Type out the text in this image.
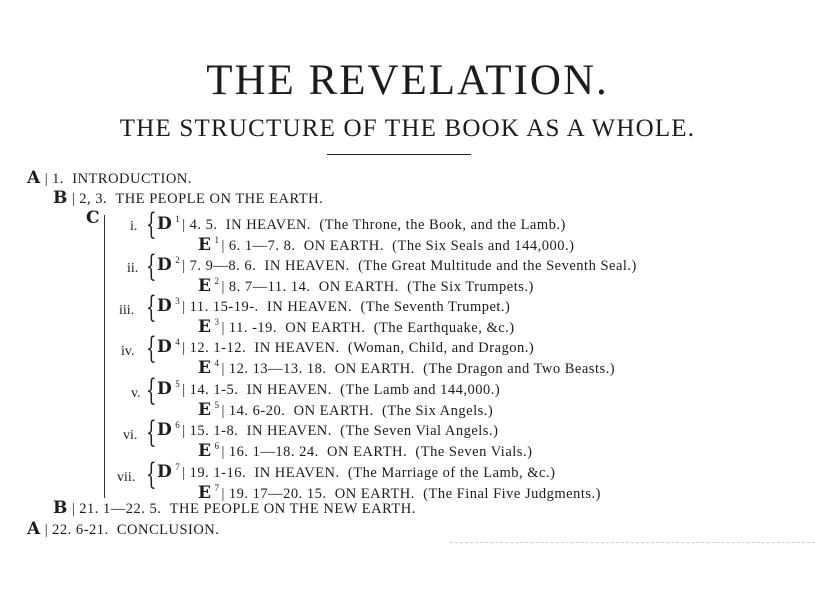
THE REVELATION.
THE STRUCTURE OF THE BOOK AS A WHOLE.
A | 1. INTRODUCTION.
B | 2, 3. THE PEOPLE ON THE EARTH.
C i. { D $^1$ | 4. 5. IN HEAVEN. (The Throne, the Book, and the Lamb.)
E $^1$ | 6. 1—7. 8. ON EARTH. (The Six Seals and 144,000.)
ii. { D $^2$ | 7. 9—8. 6. IN HEAVEN. (The Great Multitude and the Seventh Seal.)
E $^2$ | 8. 7—11. 14. ON EARTH. (The Six Trumpets.)
iii. { D $^3$ | 11. 15-19-. IN HEAVEN. (The Seventh Trumpet.)
E $^3$ | 11. -19. ON EARTH. (The Earthquake, &c.)
iv. { D $^4$ | 12. 1-12. IN HEAVEN. (Woman, Child, and Dragon.)
E $^4$ | 12. 13—13. 18. ON EARTH. (The Dragon and Two Beasts.)
v. { D $^5$ | 14. 1-5. IN HEAVEN. (The Lamb and 144,000.)
E $^5$ | 14. 6-20. ON EARTH. (The Six Angels.)
vi. { D $^6$ | 15. 1-8. IN HEAVEN. (The Seven Vial Angels.)
E $^6$ | 16. 1—18. 24. ON EARTH. (The Seven Vials.)
vii. { D $^7$ | 19. 1-16. IN HEAVEN. (The Marriage of the Lamb, &c.)
E $^7$ | 19. 17—20. 15. ON EARTH. (The Final Five Judgments.)
B | 21. 1—22. 5. THE PEOPLE ON THE NEW EARTH.
A | 22. 6-21. CONCLUSION.
